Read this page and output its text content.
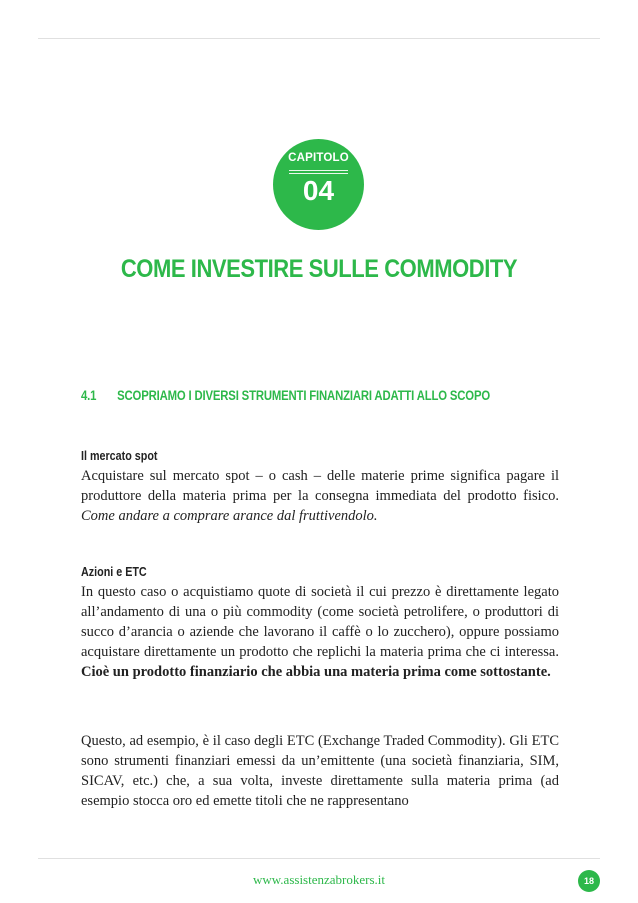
CAPITOLO
04
COME INVESTIRE SULLE COMMODITY
4.1 SCOPRIAMO I DIVERSI STRUMENTI FINANZIARI ADATTI ALLO SCOPO
Il mercato spot
Acquistare sul mercato spot – o cash – delle materie prime significa pagare il produttore della materia prima per la consegna immediata del prodotto fisico. Come andare a comprare arance dal fruttivendolo.
Azioni e ETC
In questo caso o acquistiamo quote di società il cui prezzo è direttamente legato all’andamento di una o più commodity (come società petrolifere, o produttori di succo d’arancia o aziende che lavorano il caffè o lo zucchero), oppure possiamo acquistare direttamente un prodotto che replichi la materia prima che ci interessa. Cioè un prodotto finanziario che abbia una materia prima come sottostante.
Questo, ad esempio, è il caso degli ETC (Exchange Traded Commodity). Gli ETC sono strumenti finanziari emessi da un’emittente (una società finanziaria, SIM, SICAV, etc.) che, a sua volta, investe direttamente sulla materia prima (ad esempio stocca oro ed emette titoli che ne rappresentano
www.assistenzabrokers.it	18
